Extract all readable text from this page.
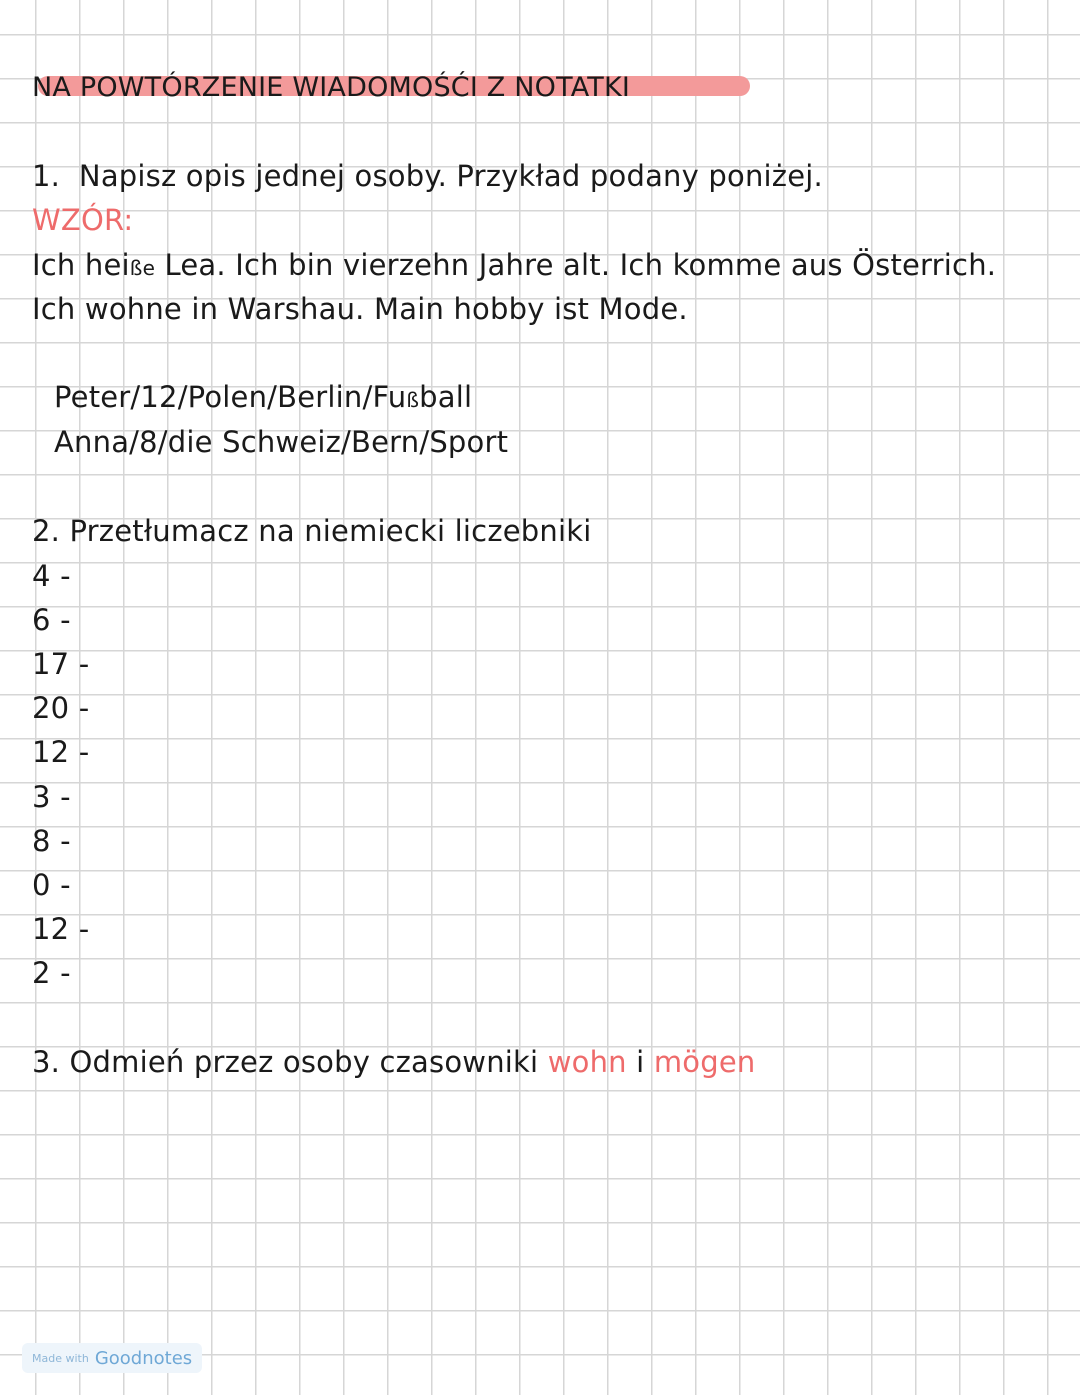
NA POWTÓRZENIE WIADOMOŚĆI Z NOTATKI
1. Napisz opis jednej osoby. Przykład podany poniżej.
WZÓR:
Ich heiße Lea. Ich bin vierzehn Jahre alt. Ich komme aus Österrich.
Ich wohne in Warshau. Main hobby ist Mode.
Peter/12/Polen/Berlin/Fußball
Anna/8/die Schweiz/Bern/Sport
2. Przetłumacz na niemiecki liczebniki
4 -
6 -
17 -
20 -
12 -
3 -
8 -
0 -
12 -
2 -
3. Odmień przez osoby czasowniki wohn i mögen
Made with Goodnotes
